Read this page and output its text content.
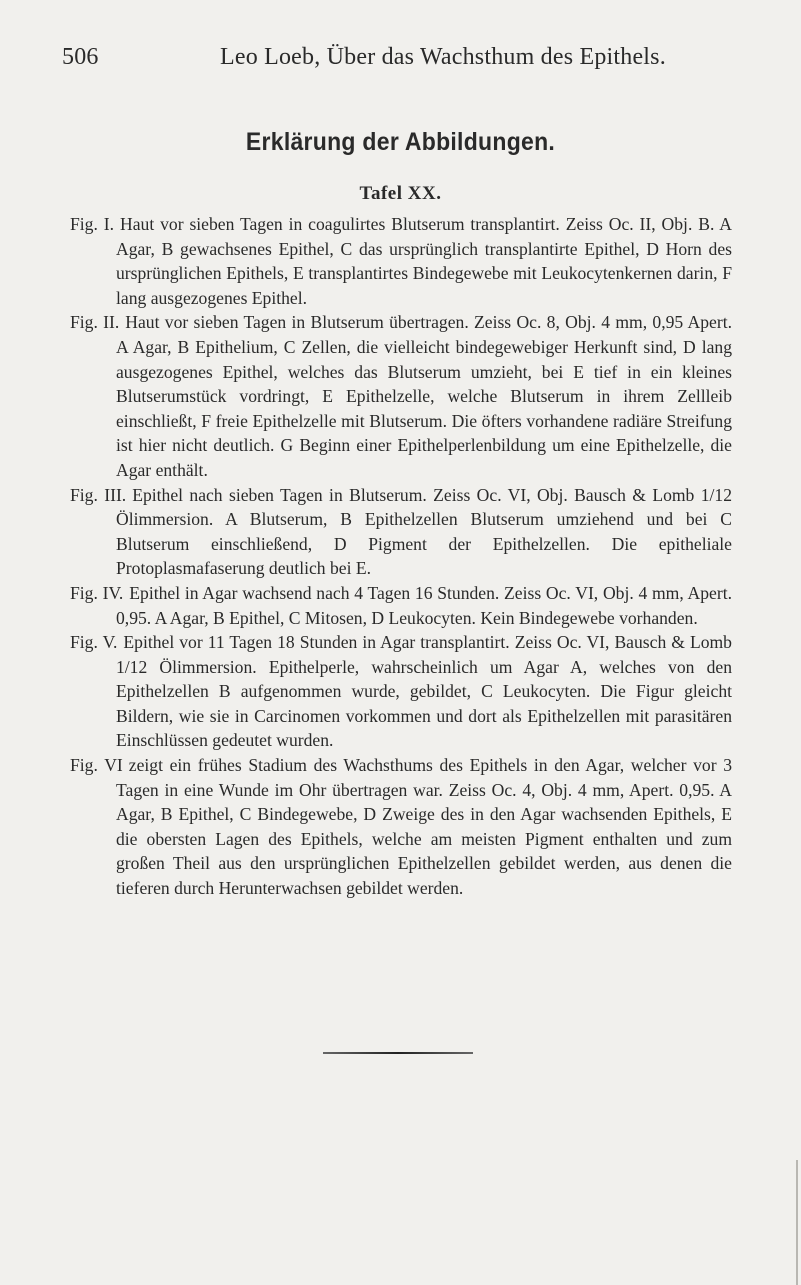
506	Leo Loeb, Über das Wachsthum des Epithels.
Erklärung der Abbildungen.
Tafel XX.

Fig. I. Haut vor sieben Tagen in coagulirtes Blutserum transplantirt. Zeiss Oc. II, Obj. B. A Agar, B gewachsenes Epithel, C das ursprünglich transplantirte Epithel, D Horn des ursprünglichen Epithels, E transplantirtes Bindegewebe mit Leukocytenkernen darin, F lang ausgezogenes Epithel.

Fig. II. Haut vor sieben Tagen in Blutserum übertragen. Zeiss Oc. 8, Obj. 4 mm, 0,95 Apert. A Agar, B Epithelium, C Zellen, die vielleicht bindegewebiger Herkunft sind, D lang ausgezogenes Epithel, welches das Blutserum umzieht, bei E tief in ein kleines Blutserumstück vordringt, E Epithelzelle, welche Blutserum in ihrem Zellleib einschließt, F freie Epithelzelle mit Blutserum. Die öfters vorhandene radiäre Streifung ist hier nicht deutlich. G Beginn einer Epithelperlenbildung um eine Epithelzelle, die Agar enthält.

Fig. III. Epithel nach sieben Tagen in Blutserum. Zeiss Oc. VI, Obj. Bausch & Lomb 1/12 Ölimmersion. A Blutserum, B Epithelzellen Blutserum umziehend und bei C Blutserum einschließend, D Pigment der Epithelzellen. Die epitheliale Protoplasmafaserung deutlich bei E.

Fig. IV. Epithel in Agar wachsend nach 4 Tagen 16 Stunden. Zeiss Oc. VI, Obj. 4 mm, Apert. 0,95. A Agar, B Epithel, C Mitosen, D Leukocyten. Kein Bindegewebe vorhanden.

Fig. V. Epithel vor 11 Tagen 18 Stunden in Agar transplantirt. Zeiss Oc. VI, Bausch & Lomb 1/12 Ölimmersion. Epithelperle, wahrscheinlich um Agar A, welches von den Epithelzellen B aufgenommen wurde, gebildet, C Leukocyten. Die Figur gleicht Bildern, wie sie in Carcinomen vorkommen und dort als Epithelzellen mit parasitären Einschlüssen gedeutet wurden.

Fig. VI zeigt ein frühes Stadium des Wachsthums des Epithels in den Agar, welcher vor 3 Tagen in eine Wunde im Ohr übertragen war. Zeiss Oc. 4, Obj. 4 mm, Apert. 0,95. A Agar, B Epithel, C Bindegewebe, D Zweige des in den Agar wachsenden Epithels, E die obersten Lagen des Epithels, welche am meisten Pigment enthalten und zum großen Theil aus den ursprünglichen Epithelzellen gebildet werden, aus denen die tieferen durch Herunterwachsen gebildet werden.
